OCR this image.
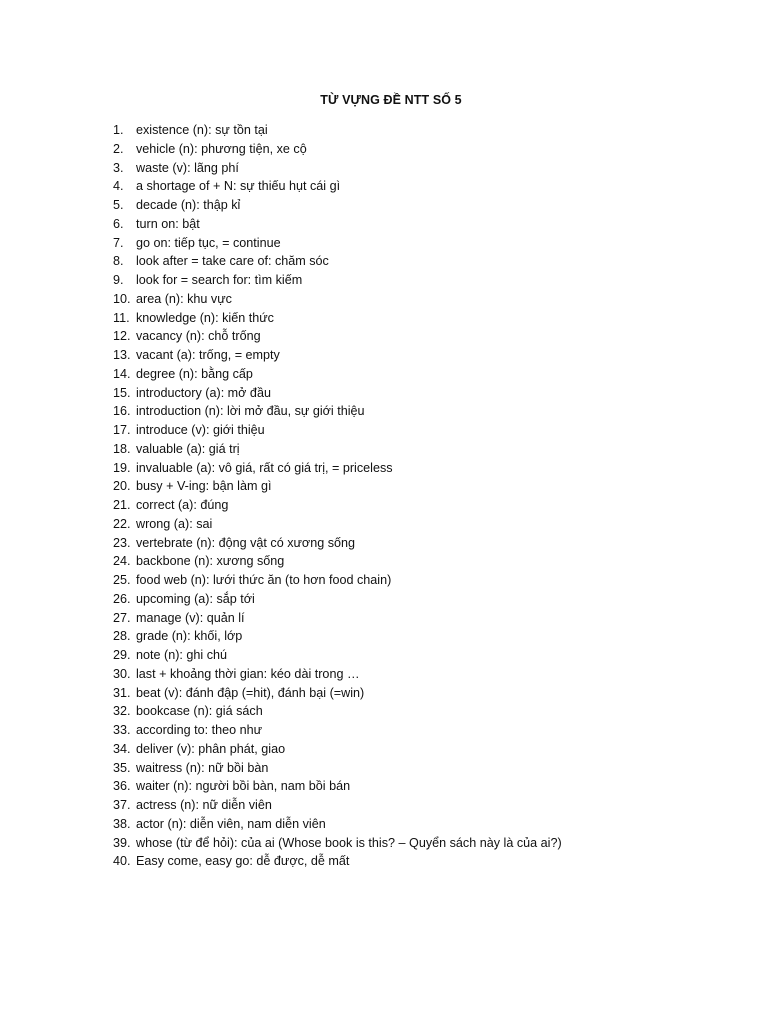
TỪ VỰNG ĐỀ NTT SỐ 5
1. existence (n): sự tồn tại
2. vehicle (n): phương tiện, xe cộ
3. waste (v): lãng phí
4. a shortage of + N: sự thiếu hụt cái gì
5. decade (n): thập kỉ
6. turn on: bật
7. go on: tiếp tục, = continue
8. look after = take care of: chăm sóc
9. look for = search for: tìm kiếm
10. area (n): khu vực
11. knowledge (n): kiến thức
12. vacancy (n): chỗ trống
13. vacant (a): trống, = empty
14. degree (n): bằng cấp
15. introductory (a): mở đầu
16. introduction (n): lời mở đầu, sự giới thiệu
17. introduce (v): giới thiệu
18. valuable (a): giá trị
19. invaluable (a): vô giá, rất có giá trị, = priceless
20. busy + V-ing: bận làm gì
21. correct (a): đúng
22. wrong (a): sai
23. vertebrate (n): động vật có xương sống
24. backbone (n): xương sống
25. food web (n): lưới thức ăn (to hơn food chain)
26. upcoming (a): sắp tới
27. manage (v): quản lí
28. grade (n): khối, lớp
29. note (n): ghi chú
30. last + khoảng thời gian: kéo dài trong …
31. beat (v): đánh đập (=hit), đánh bại (=win)
32. bookcase (n): giá sách
33. according to: theo như
34. deliver (v): phân phát, giao
35. waitress (n): nữ bồi bàn
36. waiter (n): người bồi bàn, nam bồi bán
37. actress (n): nữ diễn viên
38. actor (n): diễn viên, nam diễn viên
39. whose (từ để hỏi): của ai (Whose book is this? – Quyển sách này là của ai?)
40. Easy come, easy go: dễ được, dễ mất
